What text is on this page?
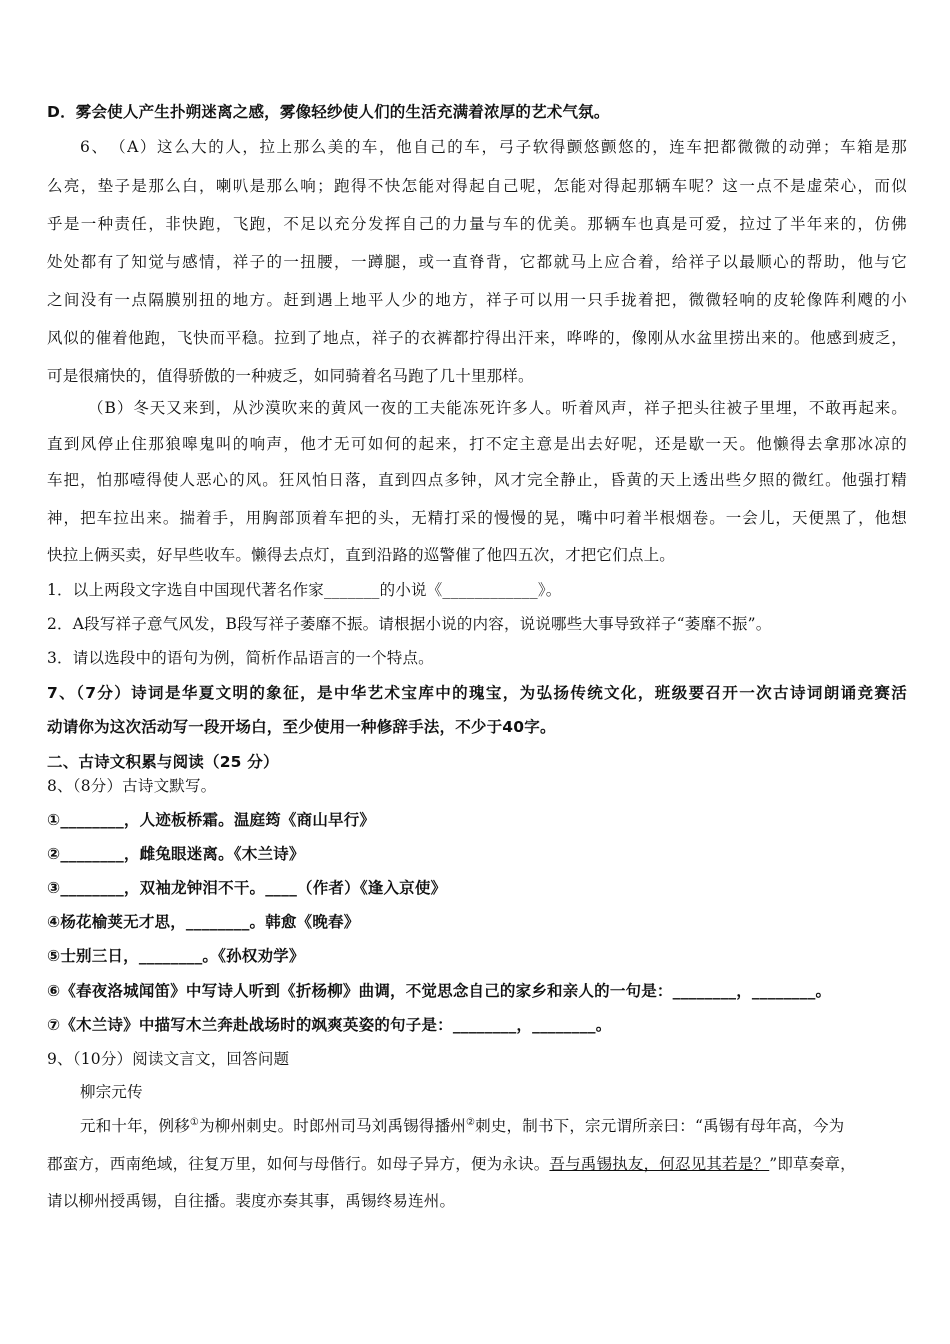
D．雾会使人产生扑朔迷离之感，雾像轻纱使人们的生活充满着浓厚的艺术气氛。
6、　（A）这么大的人，拉上那么美的车，他自己的车，弓子软得颤悠颤悠的，连车把都微微的动弹；车箱是那
么亮，垫子是那么白，喇叭是那么响；跑得不快怎能对得起自己呢，怎能对得起那辆车呢？这一点不是虚荣心，而似
乎是一种责任，非快跑，飞跑，不足以充分发挥自己的力量与车的优美。那辆车也真是可爱，拉过了半年来的，仿佛
处处都有了知觉与感情，祥子的一扭腰，一蹲腿，或一直脊背，它都就马上应合着，给祥子以最顺心的帮助，他与它
之间没有一点隔膜别扭的地方。赶到遇上地平人少的地方，祥子可以用一只手拢着把，微微轻响的皮轮像阵利飕的小
风似的催着他跑，飞快而平稳。拉到了地点，祥子的衣裤都拧得出汗来，哗哗的，像刚从水盆里捞出来的。他感到疲乏，
可是很痛快的，值得骄傲的一种疲乏，如同骑着名马跑了几十里那样。
（B）冬天又来到，从沙漠吹来的黄风一夜的工夫能冻死许多人。听着风声，祥子把头往被子里埋，不敢再起来。
直到风停止住那狼嗥鬼叫的响声，他才无可如何的起来，打不定主意是出去好呢，还是歇一天。他懒得去拿那冰凉的
车把，怕那噎得使人恶心的风。狂风怕日落，直到四点多钟，风才完全静止，昏黄的天上透出些夕照的微红。他强打精
神，把车拉出来。揣着手，用胸部顶着车把的头，无精打采的慢慢的晃，嘴中叼着半根烟卷。一会儿，天便黑了，他想
快拉上俩买卖，好早些收车。懒得去点灯，直到沿路的巡警催了他四五次，才把它们点上。
1．以上两段文字选自中国现代著名作家_______的小说《____________》。
2．A段写祥子意气风发，B段写祥子萎靡不振。请根据小说的内容，说说哪些大事导致祥子“萎靡不振”。
3．请以选段中的语句为例，简析作品语言的一个特点。
7、（7分）诗词是华夏文明的象征，是中华艺术宝库中的瑰宝，为弘扬传统文化，班级要召开一次古诗词朗诵竞赛活
动请你为这次活动写一段开场白，至少使用一种修辞手法，不少于40字。
二、古诗文积累与阅读（25 分）
8、（8分）古诗文默写。
①________，人迹板桥霜。温庭筠《商山早行》
②________，雌兔眼迷离。《木兰诗》
③________，双袖龙钟泪不干。____（作者）《逢入京使》
④杨花榆荚无才思，________。韩愈《晚春》
⑤士别三日，________。《孙权劝学》
⑥《春夜洛城闻笛》中写诗人听到《折杨柳》曲调，不觉思念自己的家乡和亲人的一句是：________，________。
⑦《木兰诗》中描写木兰奔赴战场时的飒爽英姿的句子是：________，________。
9、（10分）阅读文言文，回答问题
柳宗元传
元和十年，例移①为柳州刺史。时郎州司马刘禹锡得播州②刺史，制书下，宗元谓所亲曰：“禹锡有母年高，今为
郡蛮方，西南绝域，往复万里，如何与母偕行。如母子异方，便为永诀。吾与禹锡执友，何忍见其若是？”即草奏章，
请以柳州授禹锡，自往播。裴度亦奏其事，禹锡终易连州。
